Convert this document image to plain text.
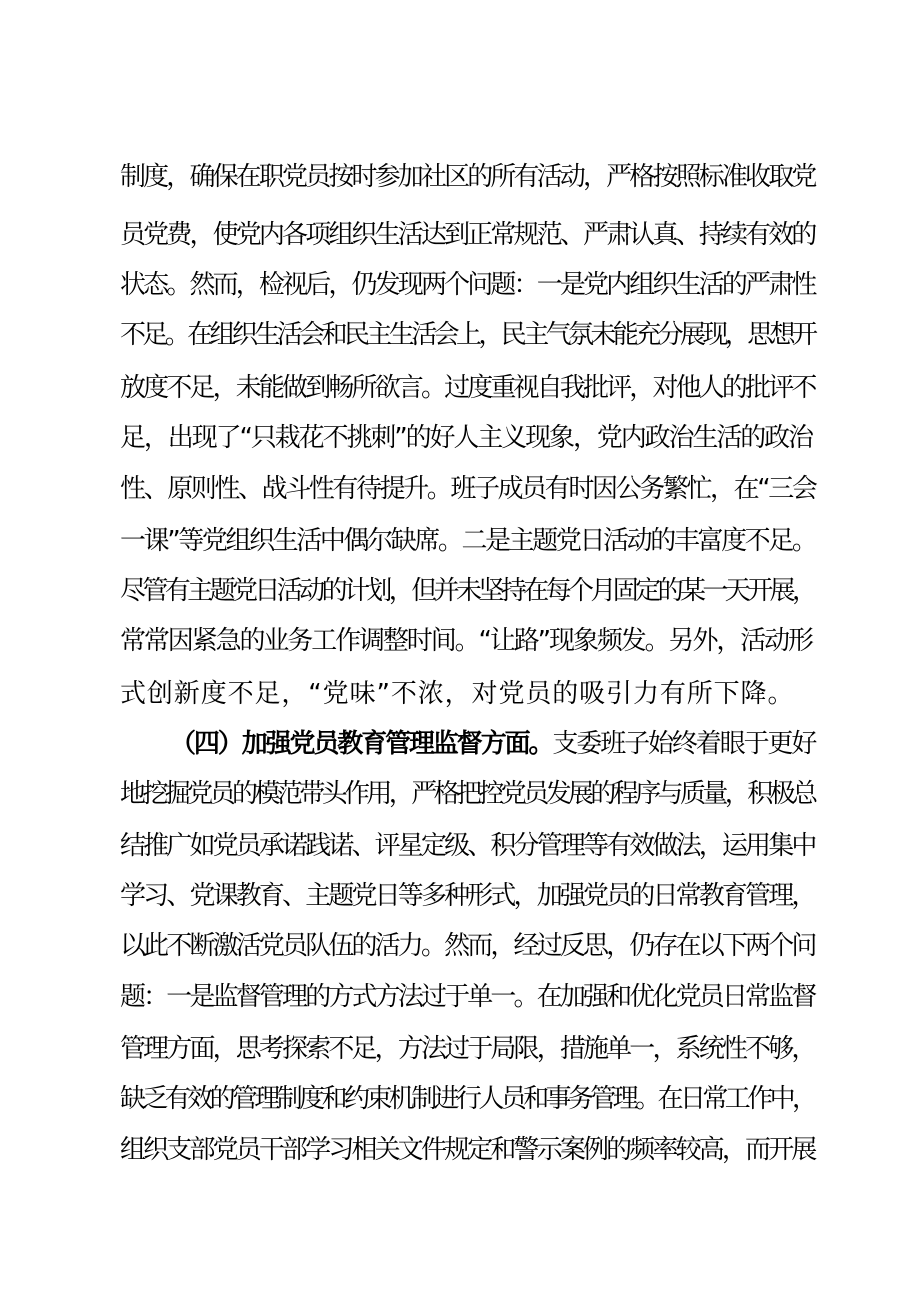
制度，确保在职党员按时参加社区的所有活动，严格按照标准收取党
员党费，使党内各项组织生活达到正常规范、严肃认真、持续有效的
状态。然而，检视后，仍发现两个问题：一是党内组织生活的严肃性
不足。在组织生活会和民主生活会上，民主气氛未能充分展现，思想开
放度不足，未能做到畅所欲言。过度重视自我批评，对他人的批评不
足，出现了“只栽花不挑刺”的好人主义现象，党内政治生活的政治
性、原则性、战斗性有待提升。班子成员有时因公务繁忙，在“三会
一课”等党组织生活中偶尔缺席。二是主题党日活动的丰富度不足。
尽管有主题党日活动的计划，但并未坚持在每个月固定的某一天开展，
常常因紧急的业务工作调整时间。“让路”现象频发。另外，活动形
式创新度不足，“党味”不浓，对党员的吸引力有所下降。
（四）加强党员教育管理监督方面。支委班子始终着眼于更好
地挖掘党员的模范带头作用，严格把控党员发展的程序与质量，积极总
结推广如党员承诺践诺、评星定级、积分管理等有效做法，运用集中
学习、党课教育、主题党日等多种形式，加强党员的日常教育管理，
以此不断激活党员队伍的活力。然而，经过反思，仍存在以下两个问
题：一是监督管理的方式方法过于单一。在加强和优化党员日常监督
管理方面，思考探索不足，方法过于局限，措施单一，系统性不够，
缺乏有效的管理制度和约束机制进行人员和事务管理。在日常工作中，
组织支部党员干部学习相关文件规定和警示案例的频率较高，而开展
